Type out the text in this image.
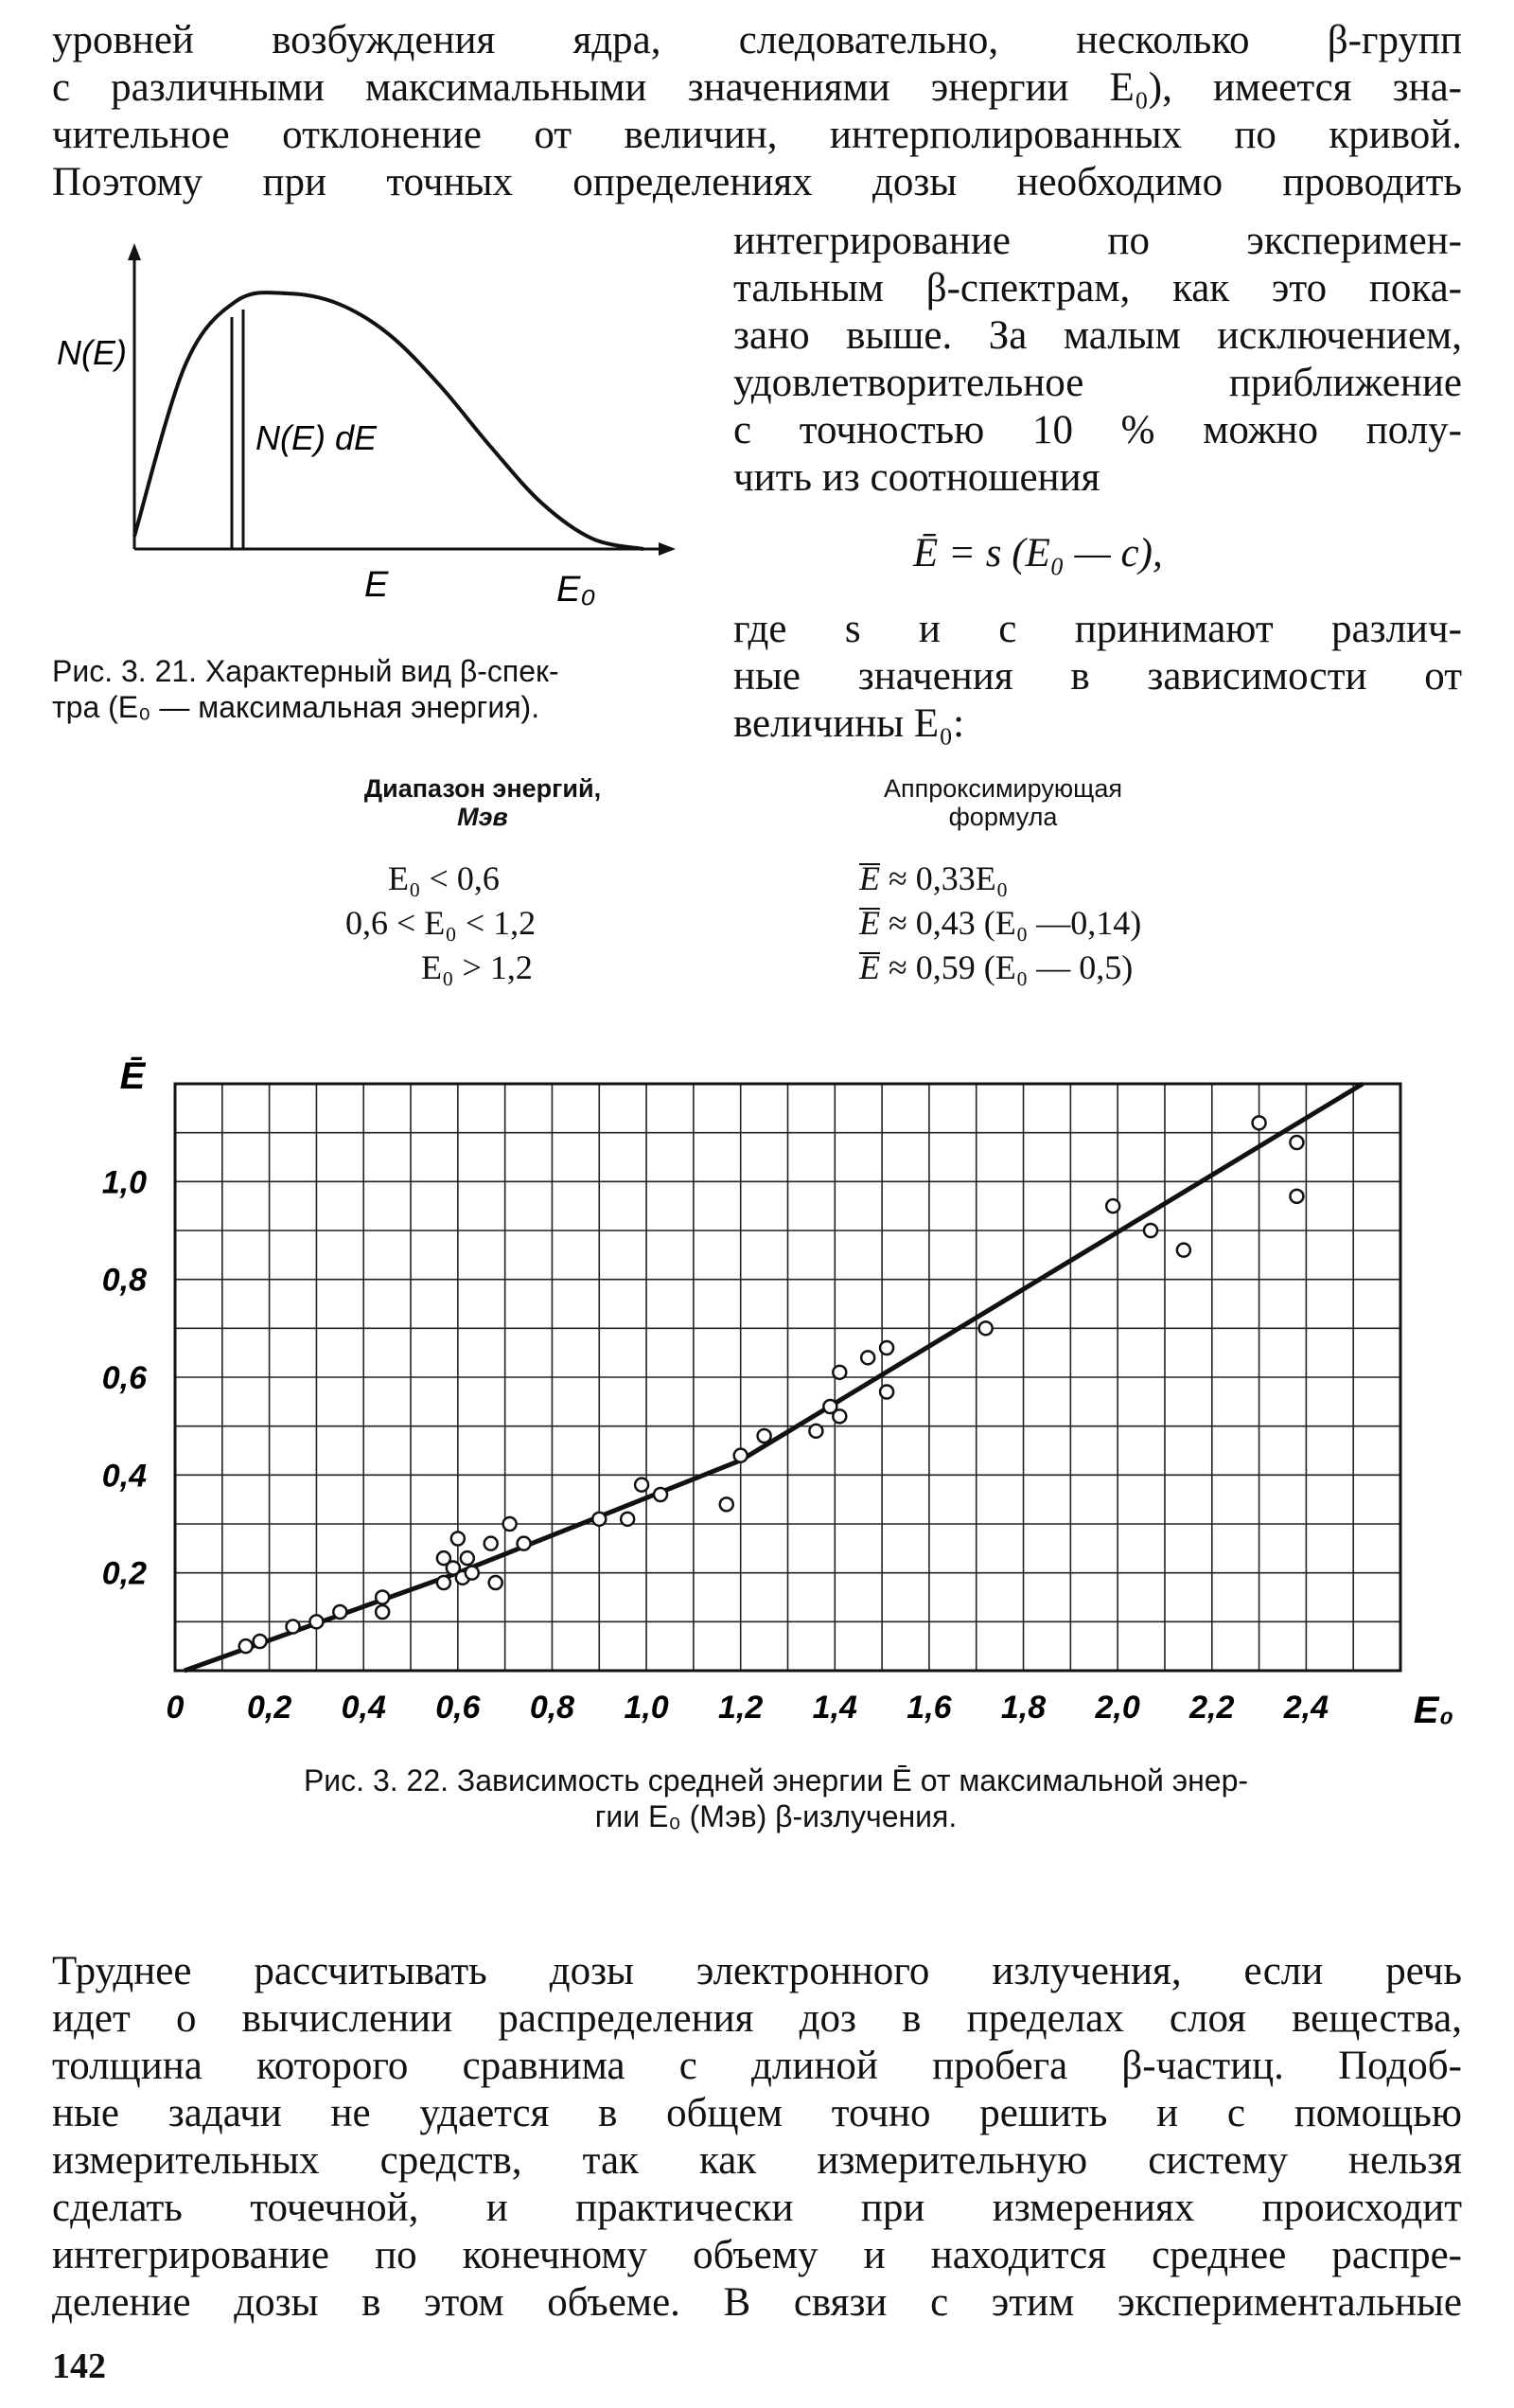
уровней возбуждения ядра, следовательно, несколько β-групп
с различными максимальными значениями энергии E₀), имеется зна-
чительное отклонение от величин, интерполированных по кривой.
Поэтому при точных определениях дозы необходимо проводить
N(E)
N(E) dE
E	E₀
Рис. 3. 21. Характерный вид β-спек-
тра (E₀ — максимальная энергия).
интегрирование по эксперимен-
тальным β-спектрам, как это пока-
зано выше. За малым исключением,
удовлетворительное приближение
с точностью 10 % можно полу-
чить из соотношения
Ē = s (E₀ — c),
где s и c принимают различ-
ные значения в зависимости от
величины E₀:
Диапазон энергий,
Мэв
Аппроксимирующая
формула
E₀ < 0,6
0,6 < E₀ < 1,2
E₀ > 1,2
E ≈ 0,33E₀
E ≈ 0,43 (E₀ —0,14)
E ≈ 0,59 (E₀ — 0,5)
0 0,2 0,4 0,6 0,8 1,0 1,2 1,4 1,6 1,8 2,0 2,2 2,4
0,2
0,4
0,6
0,8
1,0
E₀
Ē
Рис. 3. 22. Зависимость средней энергии Ē от максимальной энер-
гии E₀ (Мэв) β-излучения.
Труднее рассчитывать дозы электронного излучения, если речь
идет о вычислении распределения доз в пределах слоя вещества,
толщина которого сравнима с длиной пробега β-частиц. Подоб-
ные задачи не удается в общем точно решить и с помощью
измерительных средств, так как измерительную систему нельзя
сделать точечной, и практически при измерениях происходит
интегрирование по конечному объему и находится среднее распре-
деление дозы в этом объеме. В связи с этим экспериментальные
142
